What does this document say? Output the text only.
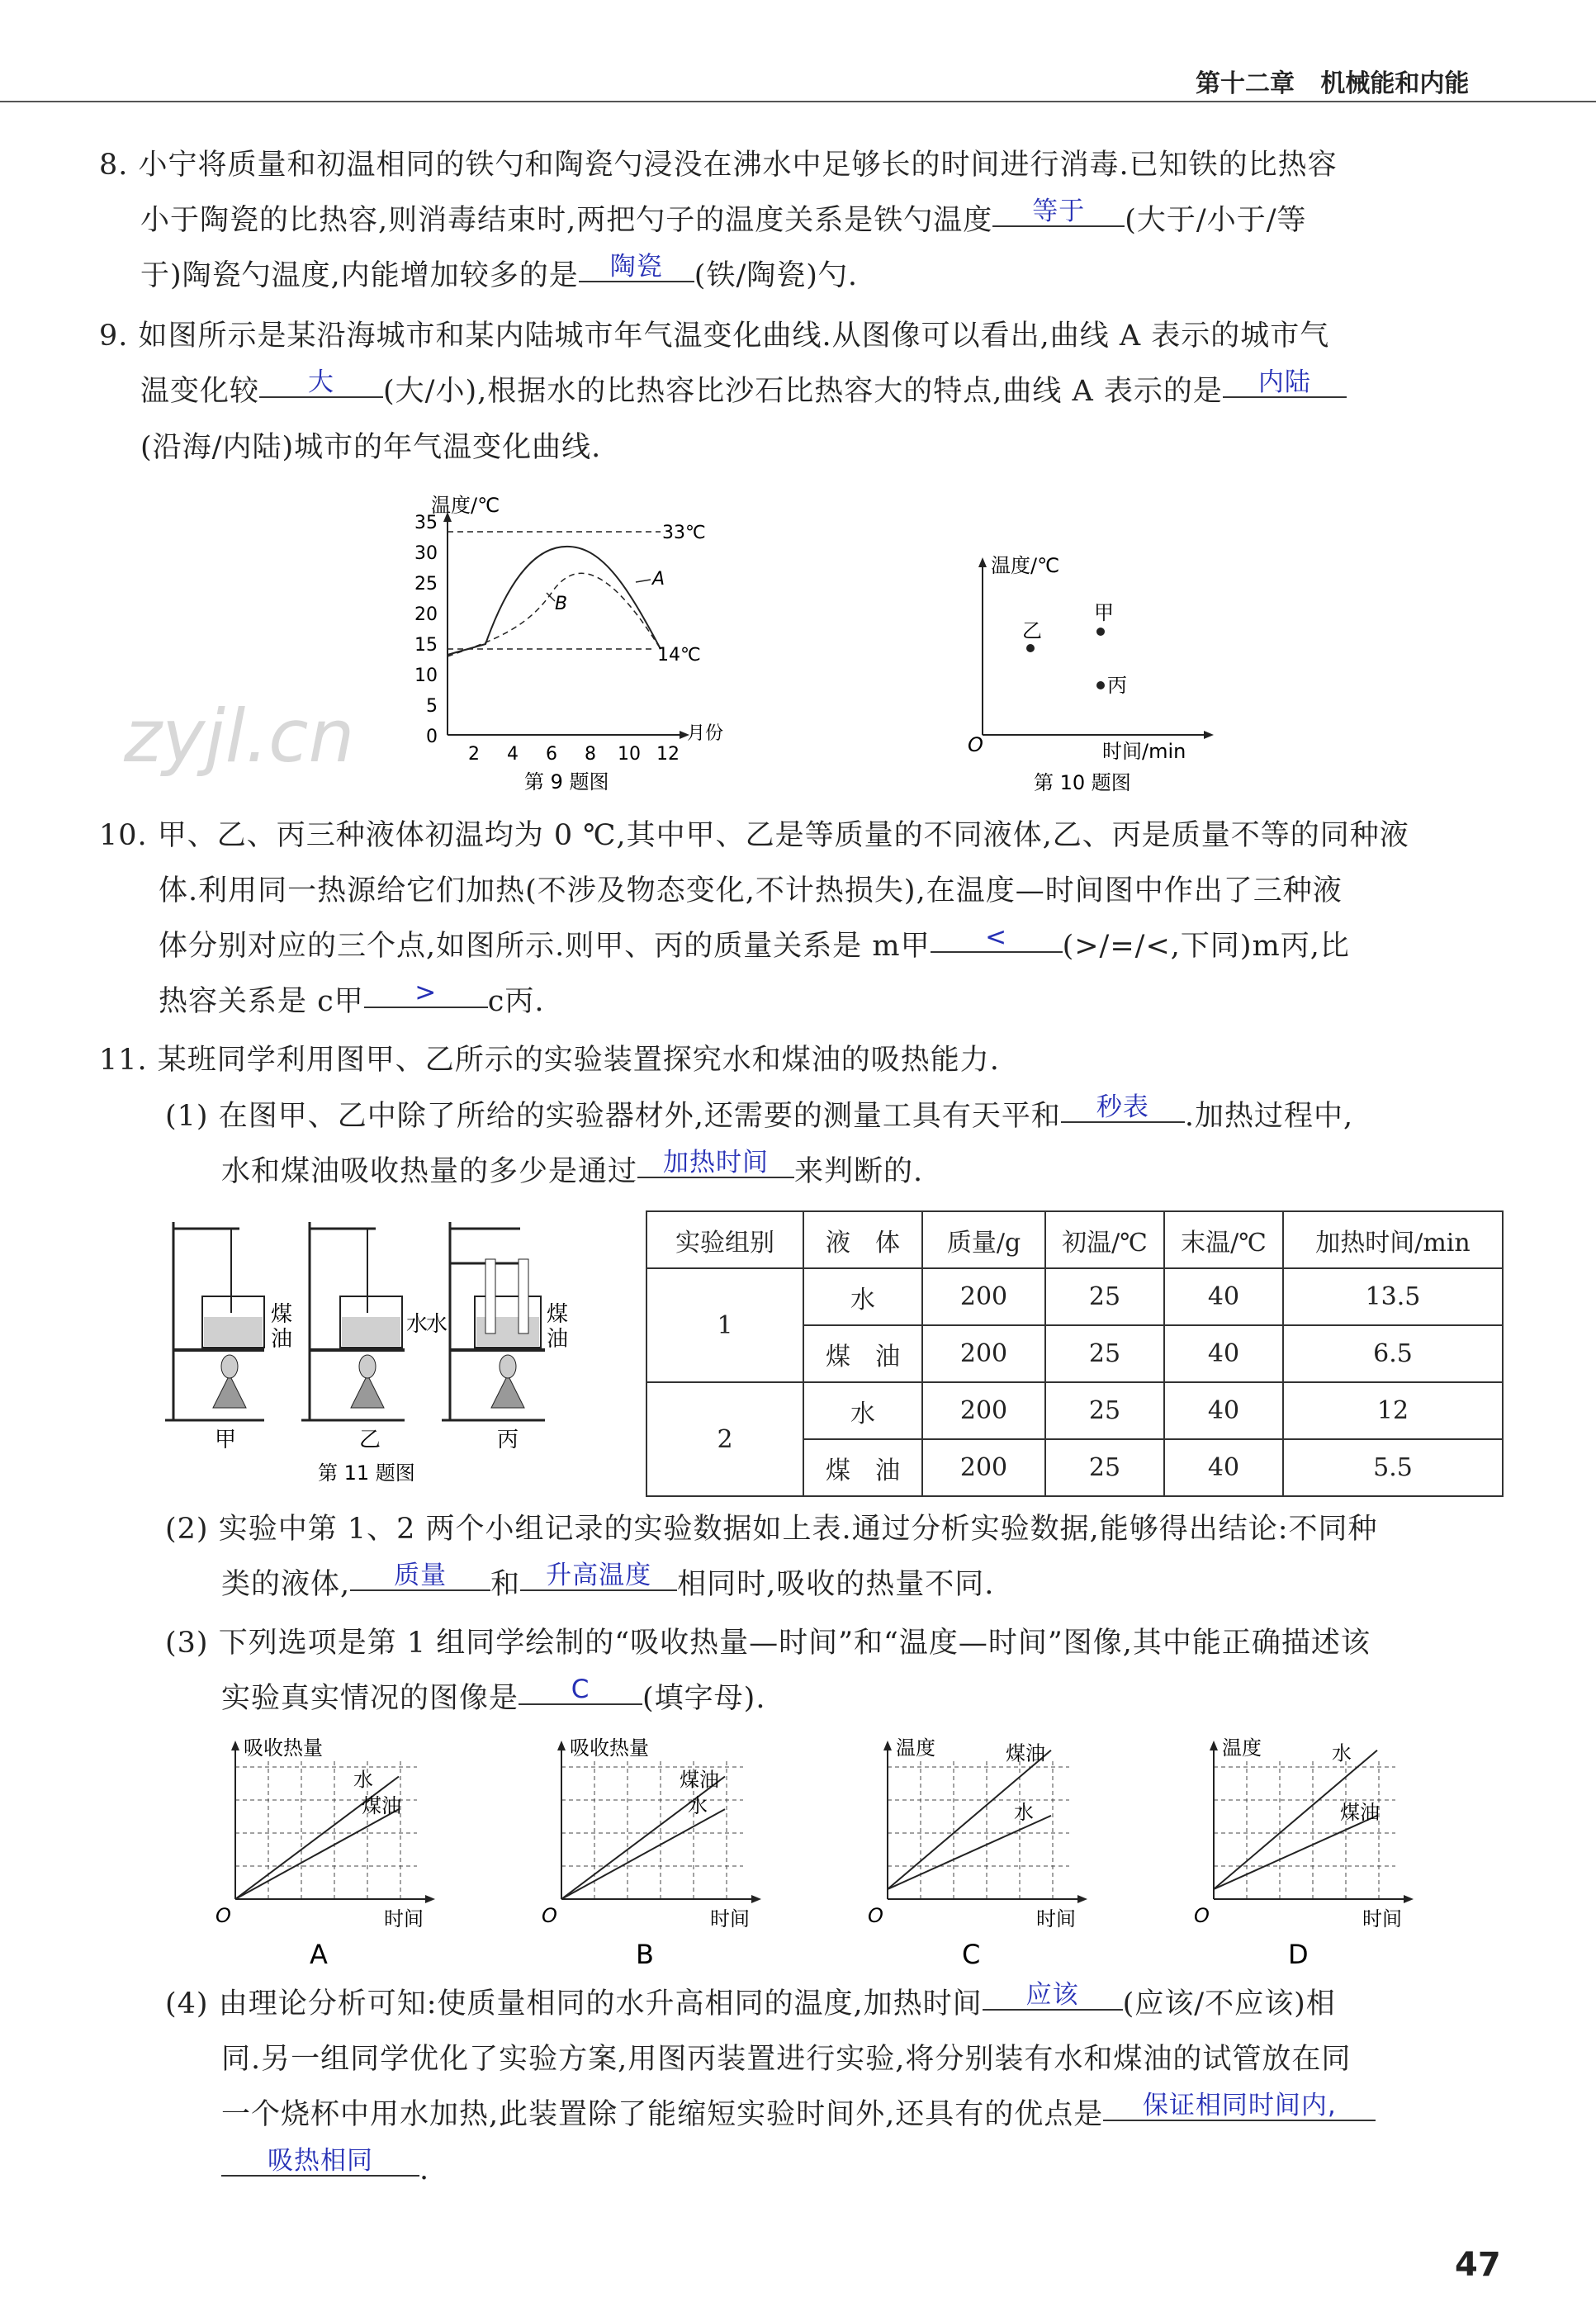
第十二章 机械能和内能
zyjl.cn
8. 小宁将质量和初温相同的铁勺和陶瓷勺浸没在沸水中足够长的时间进行消毒.已知铁的比热容
小于陶瓷的比热容,则消毒结束时,两把勺子的温度关系是铁勺温度 等于 (大于/小于/等
于)陶瓷勺温度,内能增加较多的是 陶瓷 (铁/陶瓷)勺.
9. 如图所示是某沿海城市和某内陆城市年气温变化曲线.从图像可以看出,曲线 A 表示的城市气
温变化较 大 (大/小),根据水的比热容比沙石比热容大的特点,曲线 A 表示的是 内陆
(沿海/内陆)城市的年气温变化曲线.
温度/℃
月份
35
30
25
20
15
10
5
0
2 4 6 8 10 12
33℃
14℃
A
B
第 9 题图
温度/℃
时间/min
O
乙
甲
丙
第 10 题图
10. 甲、乙、丙三种液体初温均为 0 ℃,其中甲、乙是等质量的不同液体,乙、丙是质量不等的同种液
体.利用同一热源给它们加热(不涉及物态变化,不计热损失),在温度—时间图中作出了三种液
体分别对应的三个点,如图所示.则甲、丙的质量关系是 m甲 < (>/=/<,下同)m丙,比
热容关系是 c甲 > c丙.
11. 某班同学利用图甲、乙所示的实验装置探究水和煤油的吸热能力.
(1) 在图甲、乙中除了所给的实验器材外,还需要的测量工具有天平和 秒表 .加热过程中,
水和煤油吸收热量的多少是通过 加热时间 来判断的.
煤
油
甲
水
乙
水	煤
油
丙
第 11 题图
实验组别	液　体	质量/g	初温/℃	末温/℃	加热时间/min
1	水	200	25	40	13.5
	煤　油	200	25	40	6.5
2	水	200	25	40	12
	煤　油	200	25	40	5.5
(2) 实验中第 1、2 两个小组记录的实验数据如上表.通过分析实验数据,能够得出结论:不同种
类的液体, 质量 和 升高温度 相同时,吸收的热量不同.
(3) 下列选项是第 1 组同学绘制的“吸收热量—时间”和“温度—时间”图像,其中能正确描述该
实验真实情况的图像是 C (填字母).
吸收热量
时间
O
水
煤油
A
吸收热量
时间
O
煤油
水
B
温度
时间
O
煤油
水
C
温度
时间
O
水
煤油
D
(4) 由理论分析可知:使质量相同的水升高相同的温度,加热时间 应该 (应该/不应该)相
同.另一组同学优化了实验方案,用图丙装置进行实验,将分别装有水和煤油的试管放在同
一个烧杯中用水加热,此装置除了能缩短实验时间外,还具有的优点是 保证相同时间内,
吸热相同 .
47
